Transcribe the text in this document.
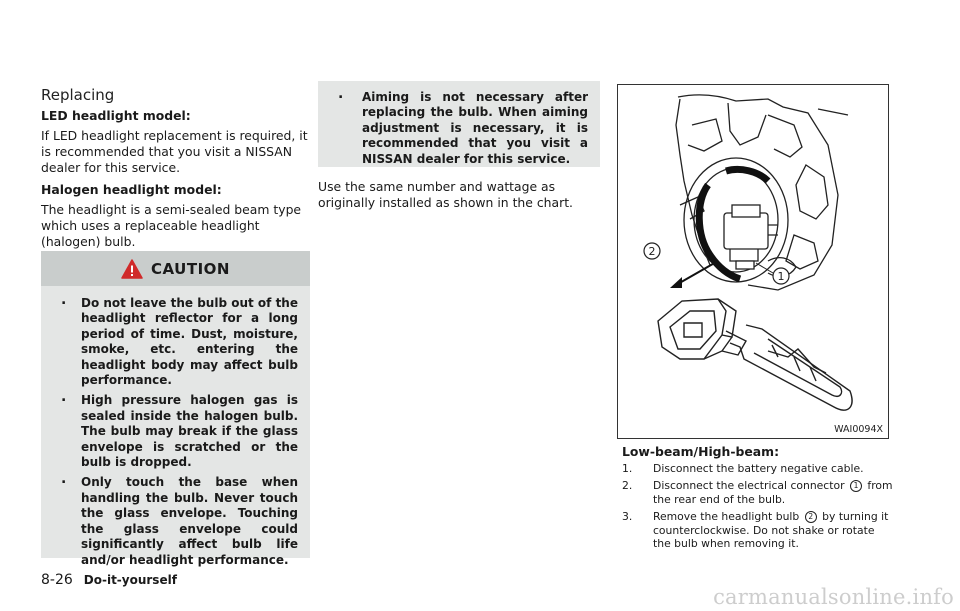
Replacing

LED headlight model:

If LED headlight replacement is required, it is recommended that you visit a NISSAN dealer for this service.

Halogen headlight model:

The headlight is a semi-sealed beam type which uses a replaceable headlight (halogen) bulb.

CAUTION
. Do not leave the bulb out of the headlight reflector for a long period of time. Dust, moisture, smoke, etc. entering the headlight body may affect bulb performance.
. High pressure halogen gas is sealed inside the halogen bulb. The bulb may break if the glass envelope is scratched or the bulb is dropped.
. Only touch the base when handling the bulb. Never touch the glass envelope. Touching the glass envelope could significantly affect bulb life and/or headlight performance.
. Aiming is not necessary after replacing the bulb. When aiming adjustment is necessary, it is recommended that you visit a NISSAN dealer for this service.
Use the same number and wattage as originally installed as shown in the chart.
2
1
WAI0094X
Low-beam/High-beam:
1. Disconnect the battery negative cable.
2. Disconnect the electrical connector 1 from the rear end of the bulb.
3. Remove the headlight bulb 2 by turning it counterclockwise. Do not shake or rotate the bulb when removing it.
8-26 Do-it-yourself
carmanualsonline.info
